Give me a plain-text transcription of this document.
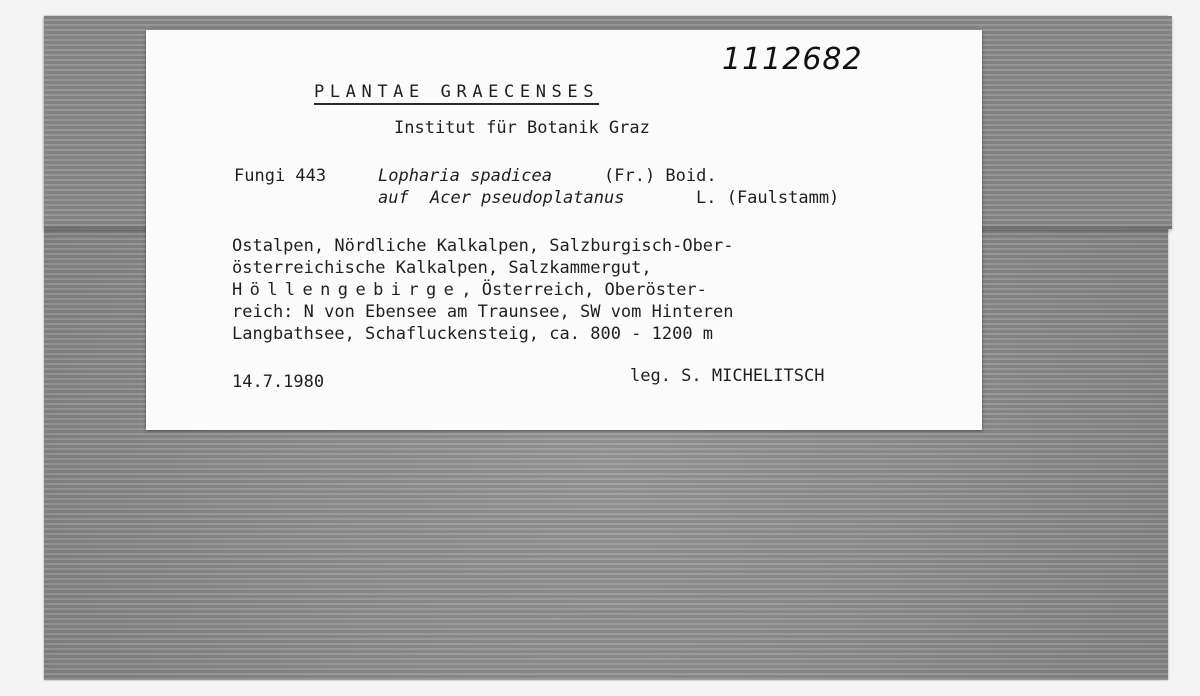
1112682
PLANTAE GRAECENSES
Institut für Botanik Graz
Fungi 443	Lopharia spadicea	(Fr.) Boid.
auf Acer pseudoplatanus	L. (Faulstamm)
Ostalpen, Nördliche Kalkalpen, Salzburgisch-Ober-
österreichische Kalkalpen, Salzkammergut,
Höllengebirge, Österreich, Oberöster-
reich: N von Ebensee am Traunsee, SW vom Hinteren
Langbathsee, Schafluckensteig, ca. 800 - 1200 m
14.7.1980	leg. S. MICHELITSCH
